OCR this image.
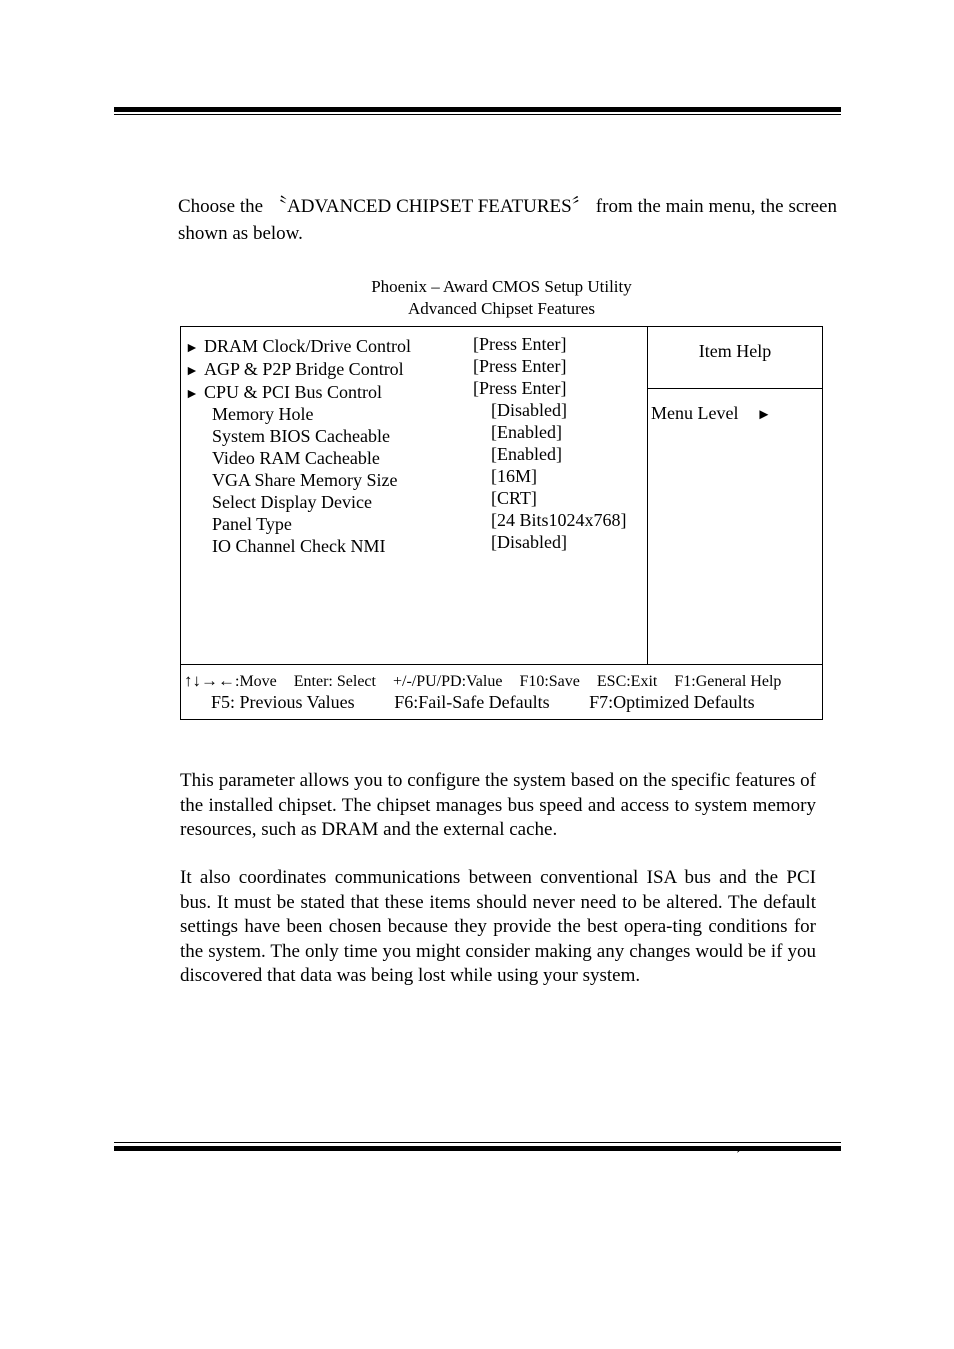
Choose the 〝ADVANCED CHIPSET FEATURES〞 from the main menu, the screen shown as below.
Phoenix – Award CMOS Setup Utility
Advanced Chipset Features
► DRAM Clock/Drive Control
► AGP & P2P Bridge Control
► CPU & PCI Bus Control
Memory Hole
System BIOS Cacheable
Video RAM Cacheable
VGA Share Memory Size
Select Display Device
Panel Type
IO Channel Check NMI
[Press Enter]
[Press Enter]
[Press Enter]
[Disabled]
[Enabled]
[Enabled]
[16M]
[CRT]
[24 Bits1024x768]
[Disabled]
Item Help
Menu Level ►
↑↓→←:Move Enter: Select +/-/PU/PD:Value F10:Save ESC:Exit F1:General Help
F5: Previous Values F6:Fail-Safe Defaults F7:Optimized Defaults
This parameter allows you to configure the system based on the specific features of the installed chipset. The chipset manages bus speed and access to system memory resources, such as DRAM and the external cache.
It also coordinates communications between conventional ISA bus and the PCI bus. It must be stated that these items should never need to be altered. The default settings have been chosen because they provide the best opera-ting conditions for the system. The only time you might consider making any changes would be if you discovered that data was being lost while using your system.
ˊ
